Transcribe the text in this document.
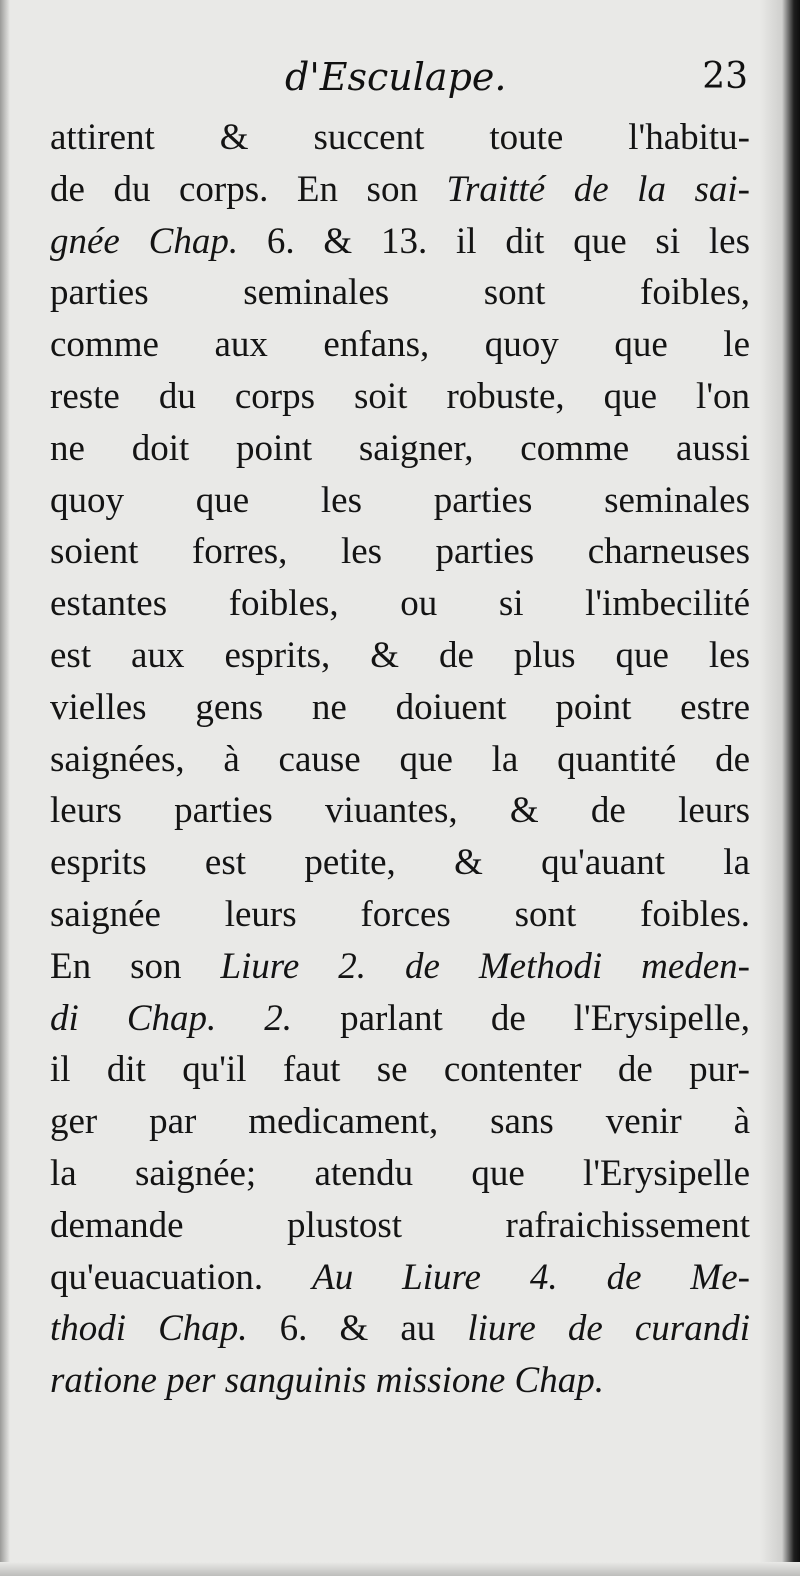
d'Esculape.	23
attirent & succent toute l'habitu-
de du corps. En son Traitté de la sai-
gnée Chap. 6. & 13. il dit que si les
parties seminales sont foibles,
comme aux enfans, quoy que le
reste du corps soit robuste, que l'on
ne doit point saigner, comme aussi
quoy que les parties seminales
soient forres, les parties charneuses
estantes foibles, ou si l'imbecilité
est aux esprits, & de plus que les
vielles gens ne doiuent point estre
saignées, à cause que la quantité de
leurs parties viuantes, & de leurs
esprits est petite, & qu'auant la
saignée leurs forces sont foibles.
En son Liure 2. de Methodi meden-
di Chap. 2. parlant de l'Erysipelle,
il dit qu'il faut se contenter de pur-
ger par medicament, sans venir à
la saignée; atendu que l'Erysipelle
demande plustost rafraichissement
qu'euacuation. Au Liure 4. de Me-
thodi Chap. 6. & au liure de curandi
ratione per sanguinis missione Chap.
